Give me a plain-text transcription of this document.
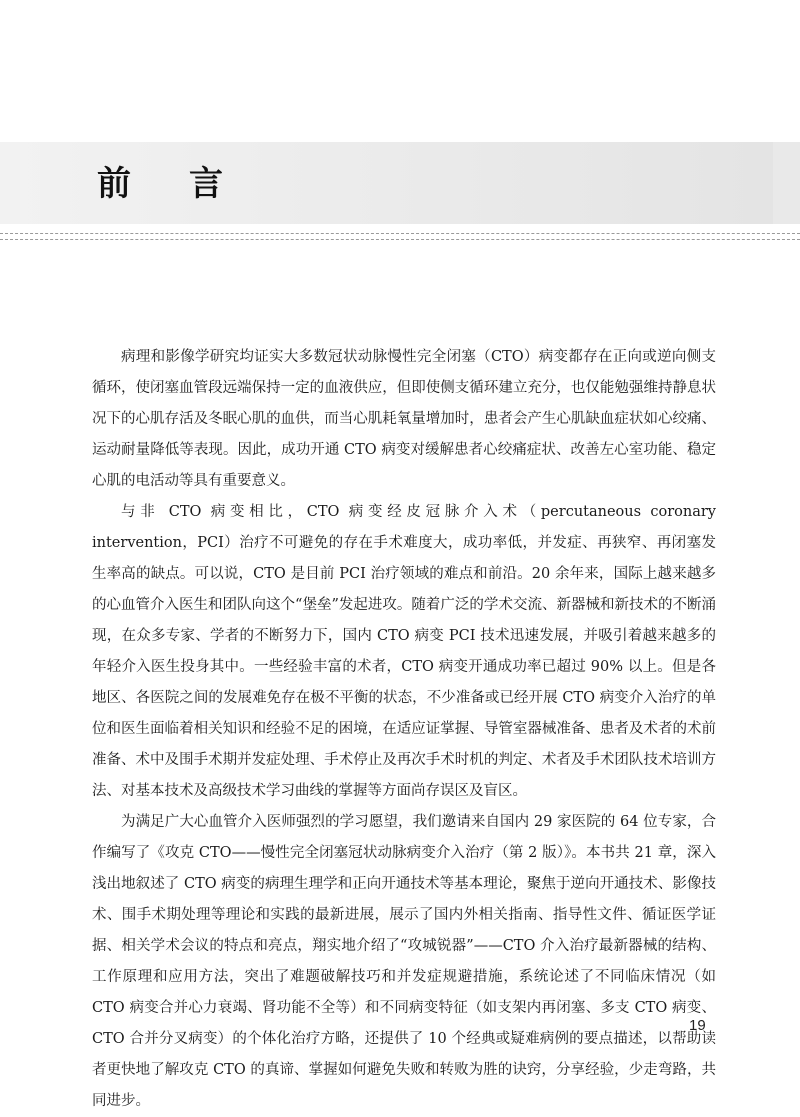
前言

病理和影像学研究均证实大多数冠状动脉慢性完全闭塞（CTO）病变都存在正向或逆向侧支循环，使闭塞血管段远端保持一定的血液供应，但即使侧支循环建立充分，也仅能勉强维持静息状况下的心肌存活及冬眠心肌的血供，而当心肌耗氧量增加时，患者会产生心肌缺血症状如心绞痛、运动耐量降低等表现。因此，成功开通 CTO 病变对缓解患者心绞痛症状、改善左心室功能、稳定心肌的电活动等具有重要意义。

与非 CTO 病变相比，CTO 病变经皮冠脉介入术（percutaneous coronary intervention，PCI）治疗不可避免的存在手术难度大，成功率低，并发症、再狭窄、再闭塞发生率高的缺点。可以说，CTO 是目前 PCI 治疗领域的难点和前沿。20 余年来，国际上越来越多的心血管介入医生和团队向这个“堡垒”发起进攻。随着广泛的学术交流、新器械和新技术的不断涌现，在众多专家、学者的不断努力下，国内 CTO 病变 PCI 技术迅速发展，并吸引着越来越多的年轻介入医生投身其中。一些经验丰富的术者，CTO 病变开通成功率已超过 90% 以上。但是各地区、各医院之间的发展难免存在极不平衡的状态，不少准备或已经开展 CTO 病变介入治疗的单位和医生面临着相关知识和经验不足的困境，在适应证掌握、导管室器械准备、患者及术者的术前准备、术中及围手术期并发症处理、手术停止及再次手术时机的判定、术者及手术团队技术培训方法、对基本技术及高级技术学习曲线的掌握等方面尚存误区及盲区。

为满足广大心血管介入医师强烈的学习愿望，我们邀请来自国内 29 家医院的 64 位专家，合作编写了《攻克 CTO——慢性完全闭塞冠状动脉病变介入治疗（第 2 版）》。本书共 21 章，深入浅出地叙述了 CTO 病变的病理生理学和正向开通技术等基本理论，聚焦于逆向开通技术、影像技术、围手术期处理等理论和实践的最新进展，展示了国内外相关指南、指导性文件、循证医学证据、相关学术会议的特点和亮点，翔实地介绍了“攻城锐器”——CTO 介入治疗最新器械的结构、工作原理和应用方法，突出了难题破解技巧和并发症规避措施，系统论述了不同临床情况（如 CTO 病变合并心力衰竭、肾功能不全等）和不同病变特征（如支架内再闭塞、多支 CTO 病变、CTO 合并分叉病变）的个体化治疗方略，还提供了 10 个经典或疑难病例的要点描述，以帮助读者更快地了解攻克 CTO 的真谛、掌握如何避免失败和转败为胜的诀窍，分享经验，少走弯路，共同进步。

19
